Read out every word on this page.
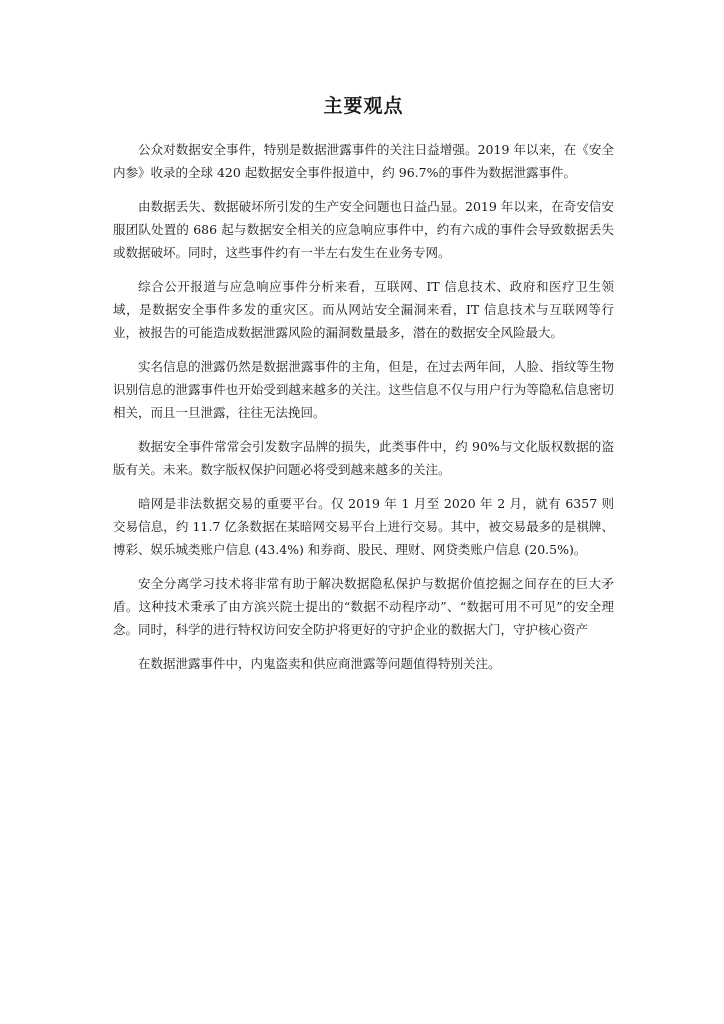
主要观点

公众对数据安全事件，特别是数据泄露事件的关注日益增强。2019 年以来，在《安全内参》收录的全球 420 起数据安全事件报道中，约 96.7%的事件为数据泄露事件。

由数据丢失、数据破坏所引发的生产安全问题也日益凸显。2019 年以来，在奇安信安服团队处置的 686 起与数据安全相关的应急响应事件中，约有六成的事件会导致数据丢失或数据破坏。同时，这些事件约有一半左右发生在业务专网。

综合公开报道与应急响应事件分析来看，互联网、IT 信息技术、政府和医疗卫生领域，是数据安全事件多发的重灾区。而从网站安全漏洞来看，IT 信息技术与互联网等行业，被报告的可能造成数据泄露风险的漏洞数量最多，潜在的数据安全风险最大。

实名信息的泄露仍然是数据泄露事件的主角，但是，在过去两年间，人脸、指纹等生物识别信息的泄露事件也开始受到越来越多的关注。这些信息不仅与用户行为等隐私信息密切相关，而且一旦泄露，往往无法挽回。

数据安全事件常常会引发数字品牌的损失，此类事件中，约 90%与文化版权数据的盗版有关。未来。数字版权保护问题必将受到越来越多的关注。

暗网是非法数据交易的重要平台。仅 2019 年 1 月至 2020 年 2 月，就有 6357 则交易信息，约 11.7 亿条数据在某暗网交易平台上进行交易。其中，被交易最多的是棋牌、博彩、娱乐城类账户信息 (43.4%) 和券商、股民、理财、网贷类账户信息 (20.5%)。

安全分离学习技术将非常有助于解决数据隐私保护与数据价值挖掘之间存在的巨大矛盾。这种技术秉承了由方滨兴院士提出的“数据不动程序动”、“数据可用不可见”的安全理念。同时，科学的进行特权访问安全防护将更好的守护企业的数据大门，守护核心资产

在数据泄露事件中，内鬼盗卖和供应商泄露等问题值得特别关注。
